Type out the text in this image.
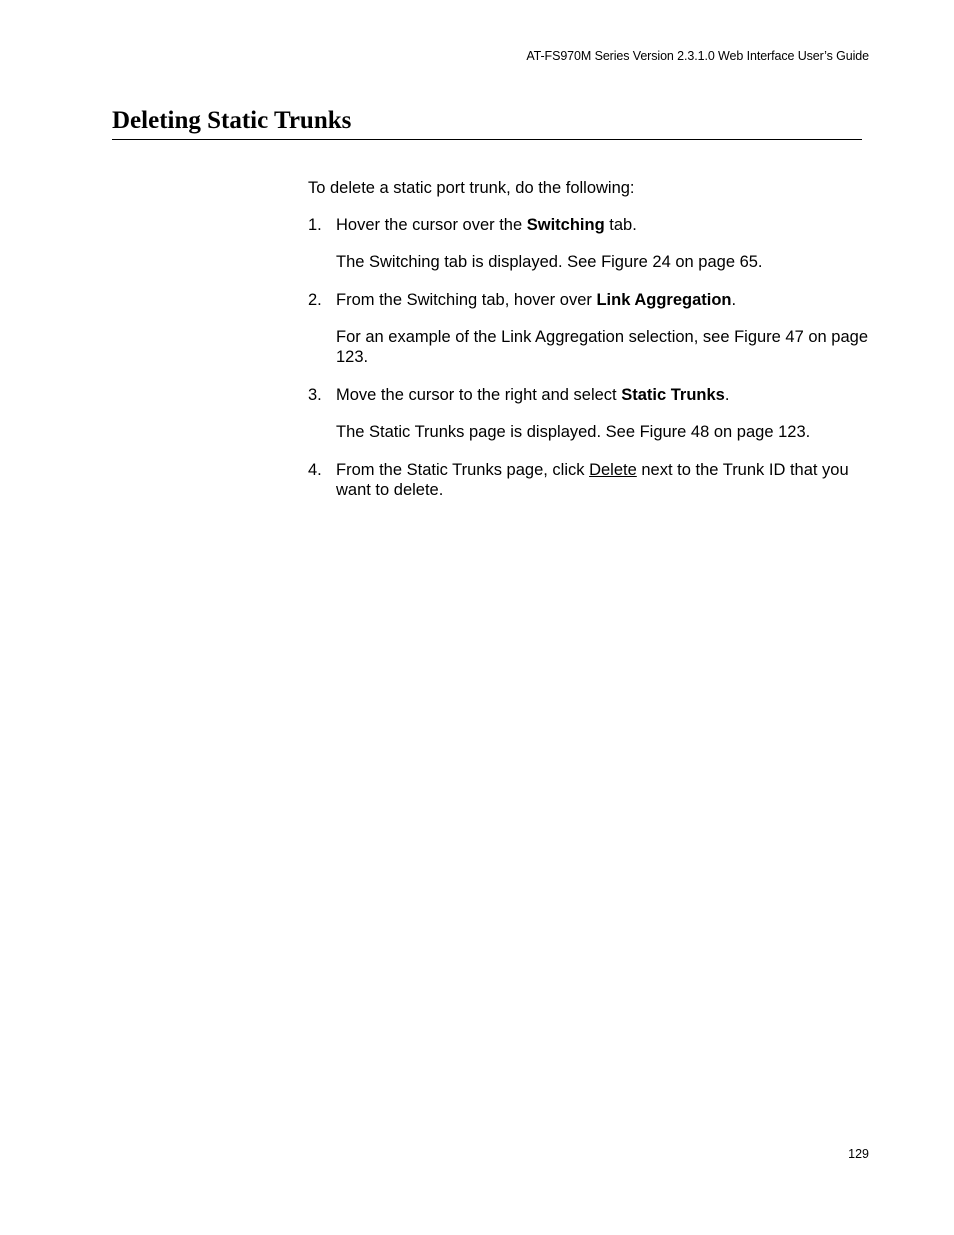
AT-FS970M Series Version 2.3.1.0 Web Interface User’s Guide
Deleting Static Trunks

To delete a static port trunk, do the following:

1. Hover the cursor over the Switching tab.

The Switching tab is displayed. See Figure 24 on page 65.

2. From the Switching tab, hover over Link Aggregation.

For an example of the Link Aggregation selection, see Figure 47 on page 123.

3. Move the cursor to the right and select Static Trunks.

The Static Trunks page is displayed. See Figure 48 on page 123.

4. From the Static Trunks page, click Delete next to the Trunk ID that you want to delete.

129
